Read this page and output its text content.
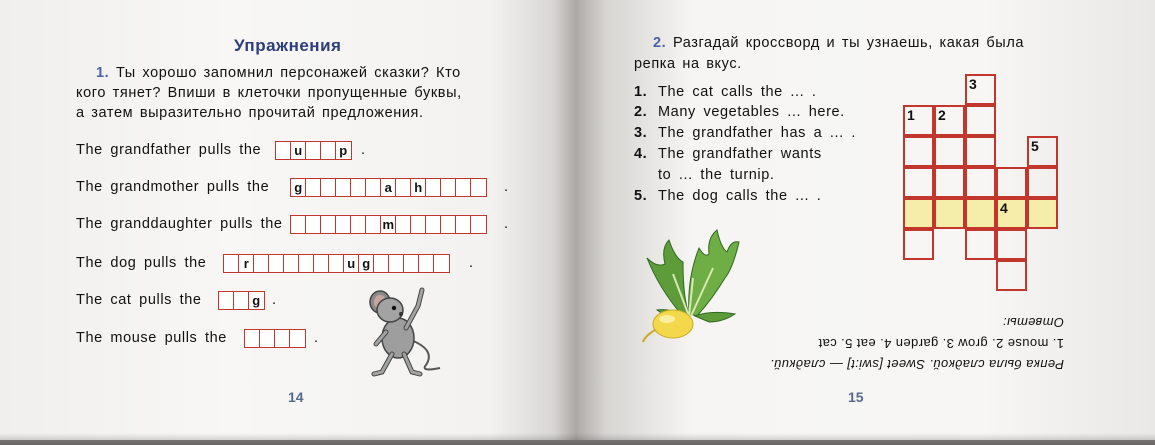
Упражнения
1. Ты хорошо запомнил персонажей сказки? Кто
кого тянет? Впиши в клеточки пропущенные буквы,
а затем выразительно прочитай предложения.
The grandfather pulls the	u	p .
The grandmother pulls the	g	a	h	.
The granddaughter pulls the	m	.
The dog pulls the	r	u g	.
The cat pulls the	g .
The mouse pulls the	.
14
2. Разгадай кроссворд и ты узнаешь, какая была
репка на вкус.
1. The cat calls the ... .
2. Many vegetables ... here.
3. The grandfather has a ... .
4. The grandfather wants
to ... the turnip.
5. The dog calls the ... .
1 2
3
4
5
Репка была сладкой. Sweet [swi:t] — сладкий.
1. mouse 2. grow 3. garden 4. eat 5. cat
Ответы:
15
